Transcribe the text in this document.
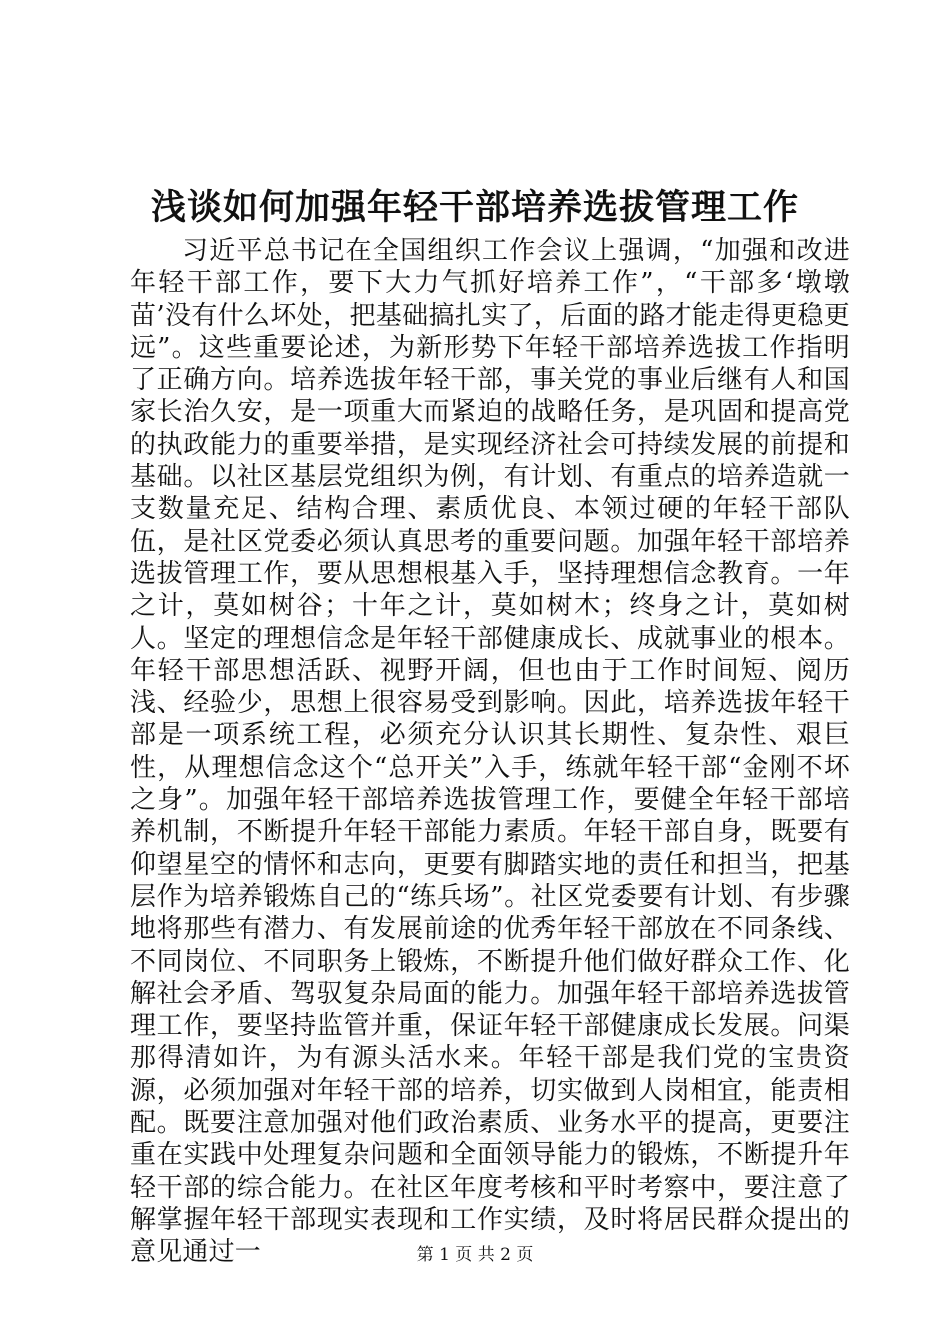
浅谈如何加强年轻干部培养选拔管理工作

习近平总书记在全国组织工作会议上强调，“加强和改进年轻干部工作，要下大力气抓好培养工作”，“干部多‘墩墩苗’没有什么坏处，把基础搞扎实了，后面的路才能走得更稳更远”。这些重要论述，为新形势下年轻干部培养选拔工作指明了正确方向。培养选拔年轻干部，事关党的事业后继有人和国家长治久安，是一项重大而紧迫的战略任务，是巩固和提高党的执政能力的重要举措，是实现经济社会可持续发展的前提和基础。以社区基层党组织为例，有计划、有重点的培养造就一支数量充足、结构合理、素质优良、本领过硬的年轻干部队伍，是社区党委必须认真思考的重要问题。加强年轻干部培养选拔管理工作，要从思想根基入手，坚持理想信念教育。一年之计，莫如树谷；十年之计，莫如树木；终身之计，莫如树人。坚定的理想信念是年轻干部健康成长、成就事业的根本。年轻干部思想活跃、视野开阔，但也由于工作时间短、阅历浅、经验少，思想上很容易受到影响。因此，培养选拔年轻干部是一项系统工程，必须充分认识其长期性、复杂性、艰巨性，从理想信念这个“总开关”入手，练就年轻干部“金刚不坏之身”。加强年轻干部培养选拔管理工作，要健全年轻干部培养机制，不断提升年轻干部能力素质。年轻干部自身，既要有仰望星空的情怀和志向，更要有脚踏实地的责任和担当，把基层作为培养锻炼自己的“练兵场”。社区党委要有计划、有步骤地将那些有潜力、有发展前途的优秀年轻干部放在不同条线、不同岗位、不同职务上锻炼，不断提升他们做好群众工作、化解社会矛盾、驾驭复杂局面的能力。加强年轻干部培养选拔管理工作，要坚持监管并重，保证年轻干部健康成长发展。问渠那得清如许，为有源头活水来。年轻干部是我们党的宝贵资源，必须加强对年轻干部的培养，切实做到人岗相宜，能责相配。既要注意加强对他们政治素质、业务水平的提高，更要注重在实践中处理复杂问题和全面领导能力的锻炼，不断提升年轻干部的综合能力。在社区年度考核和平时考察中，要注意了解掌握年轻干部现实表现和工作实绩，及时将居民群众提出的意见通过一	第 1 页 共 2 页
